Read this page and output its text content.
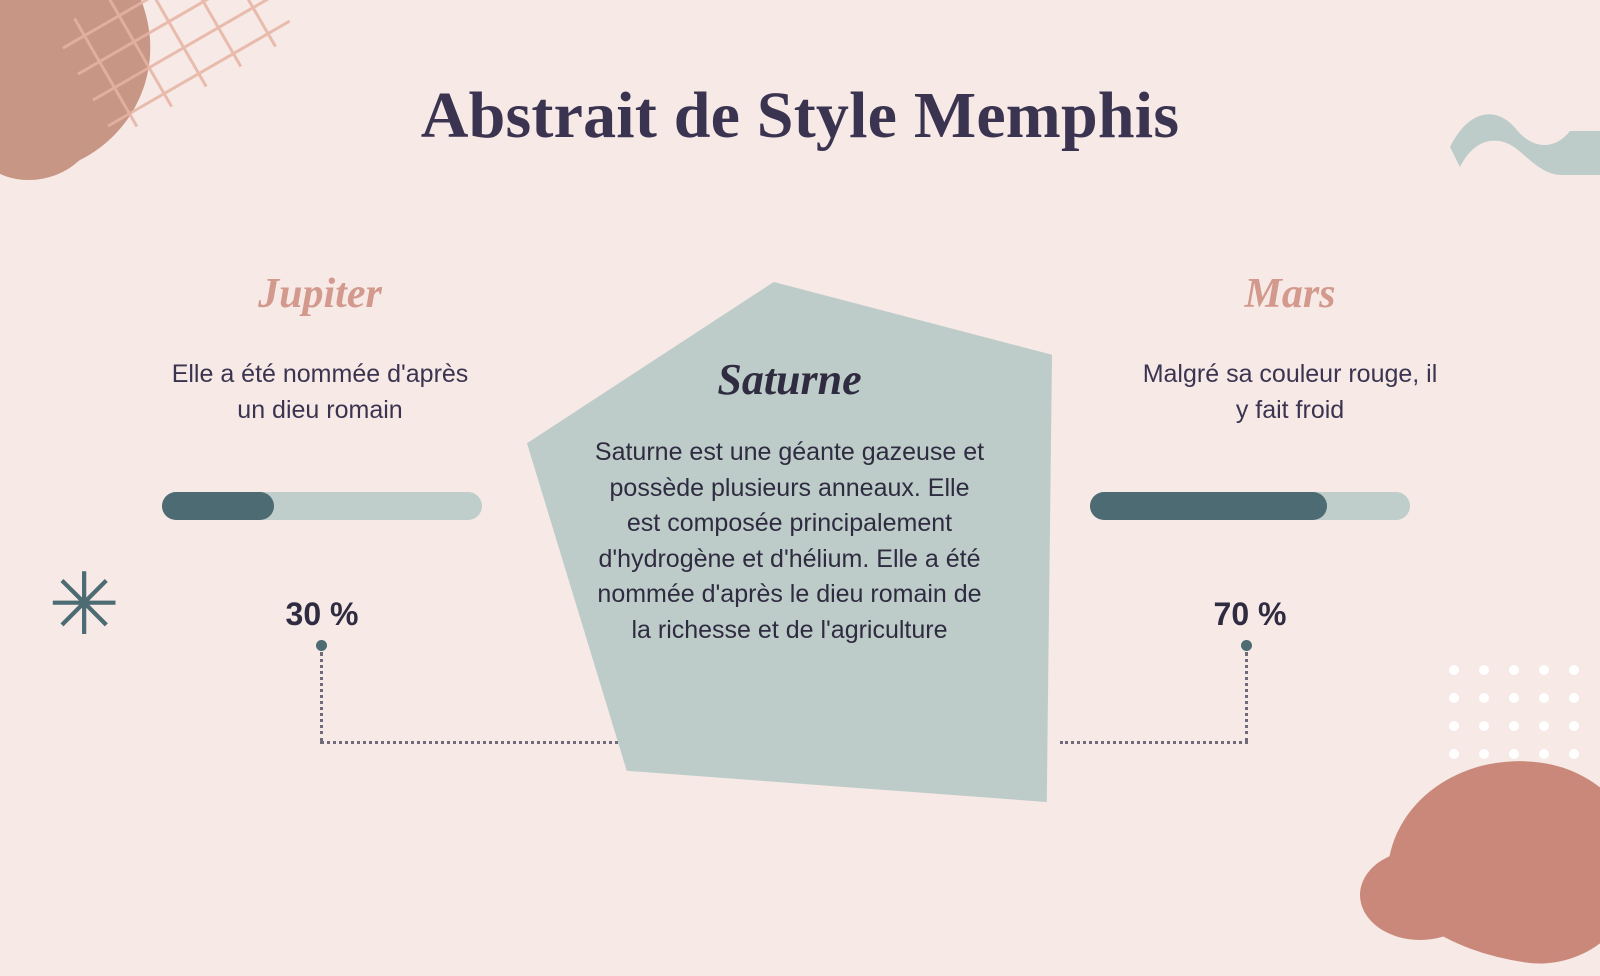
✳
Abstrait de Style Memphis
Jupiter
Elle a été nommée d'après un dieu romain
30 %
Mars
Malgré sa couleur rouge, il y fait froid
70 %
Saturne
Saturne est une géante gazeuse et possède plusieurs anneaux. Elle est composée principalement d'hydrogène et d'hélium. Elle a été nommée d'après le dieu romain de la richesse et de l'agriculture
